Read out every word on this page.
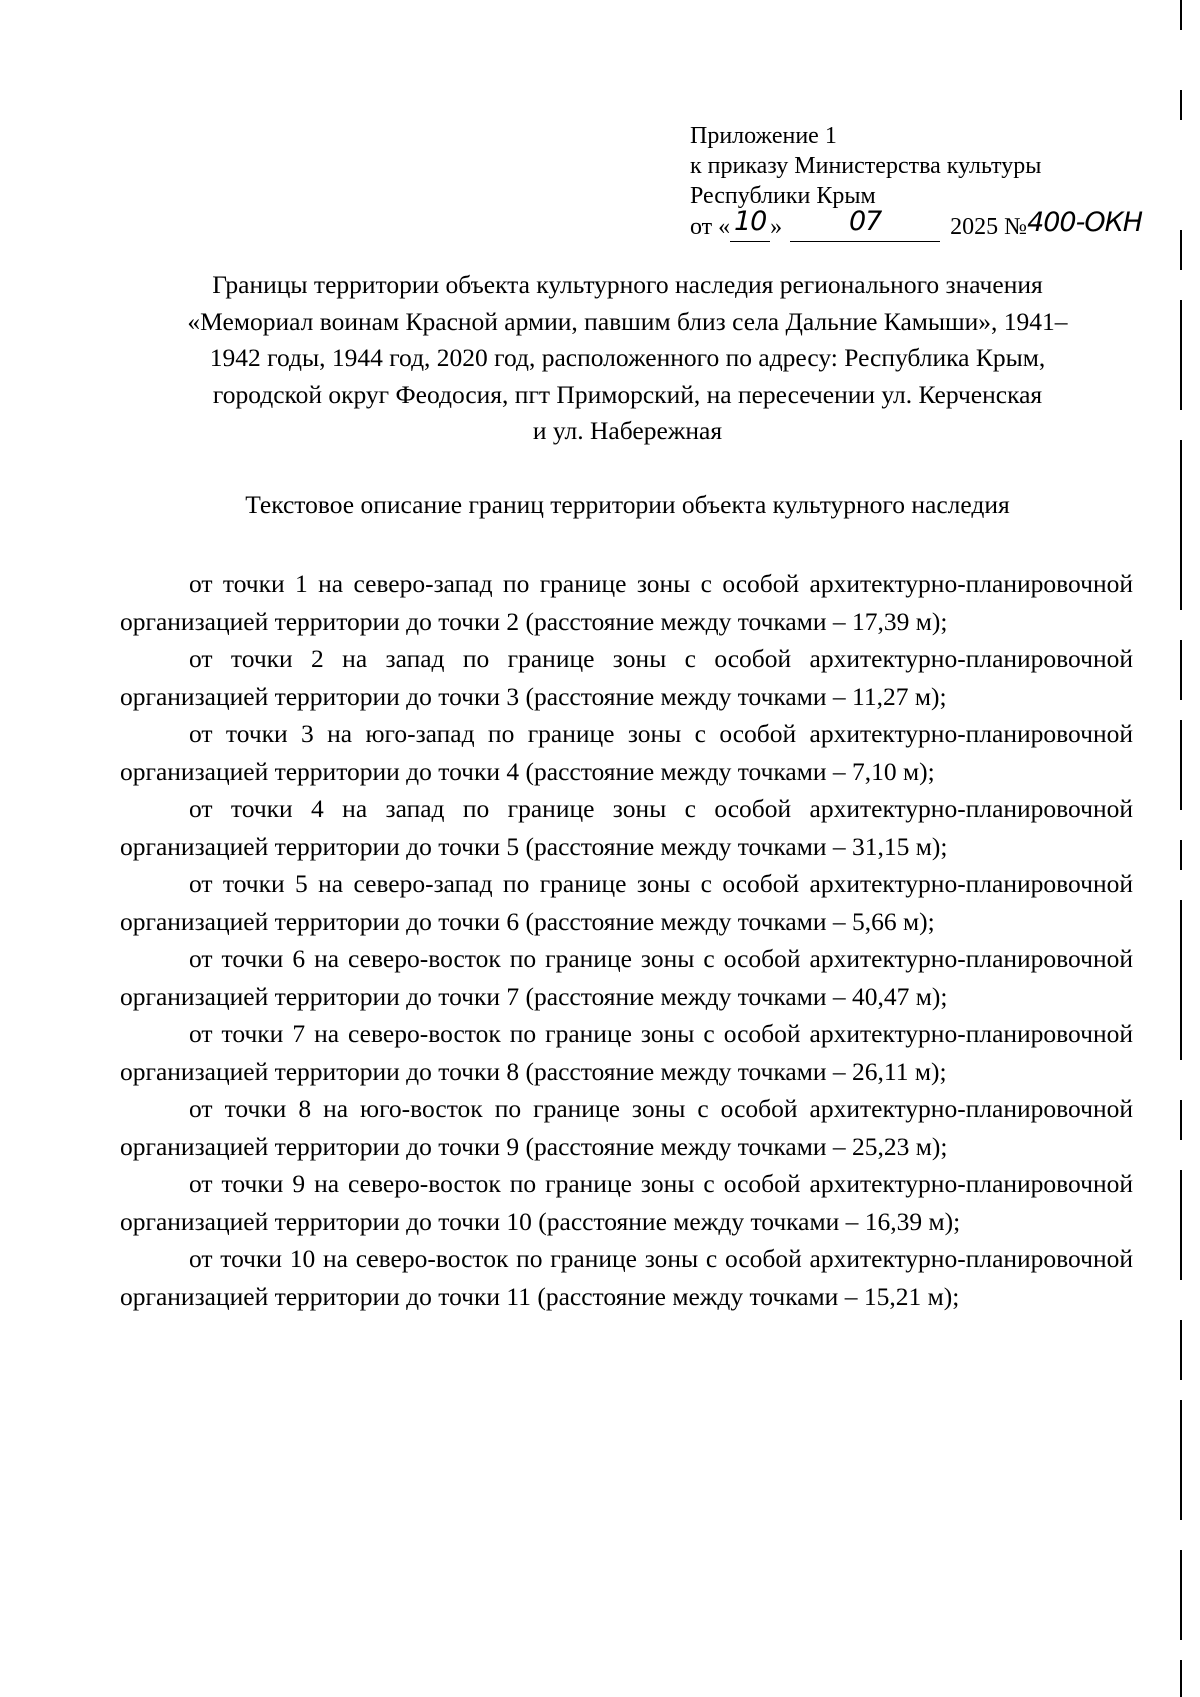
Приложение 1
к приказу Министерства культуры
Республики Крым
от « 10 »	07	2025 № 400-ОКН
Границы территории объекта культурного наследия регионального значения
«Мемориал воинам Красной армии, павшим близ села Дальние Камыши», 1941–
1942 годы, 1944 год, 2020 год, расположенного по адресу: Республика Крым,
городской округ Феодосия, пгт Приморский, на пересечении ул. Керченская
и ул. Набережная
Текстовое описание границ территории объекта культурного наследия

от точки 1 на северо-запад по границе зоны с особой архитектурно-планировочной организацией территории до точки 2 (расстояние между точками – 17,39 м);

от точки 2 на запад по границе зоны с особой архитектурно-планировочной организацией территории до точки 3 (расстояние между точками – 11,27 м);

от точки 3 на юго-запад по границе зоны с особой архитектурно-планировочной организацией территории до точки 4 (расстояние между точками – 7,10 м);

от точки 4 на запад по границе зоны с особой архитектурно-планировочной организацией территории до точки 5 (расстояние между точками – 31,15 м);

от точки 5 на северо-запад по границе зоны с особой архитектурно-планировочной организацией территории до точки 6 (расстояние между точками – 5,66 м);

от точки 6 на северо-восток по границе зоны с особой архитектурно-планировочной организацией территории до точки 7 (расстояние между точками – 40,47 м);

от точки 7 на северо-восток по границе зоны с особой архитектурно-планировочной организацией территории до точки 8 (расстояние между точками – 26,11 м);

от точки 8 на юго-восток по границе зоны с особой архитектурно-планировочной организацией территории до точки 9 (расстояние между точками – 25,23 м);

от точки 9 на северо-восток по границе зоны с особой архитектурно-планировочной организацией территории до точки 10 (расстояние между точками – 16,39 м);

от точки 10 на северо-восток по границе зоны с особой архитектурно-планировочной организацией территории до точки 11 (расстояние между точками – 15,21 м);
